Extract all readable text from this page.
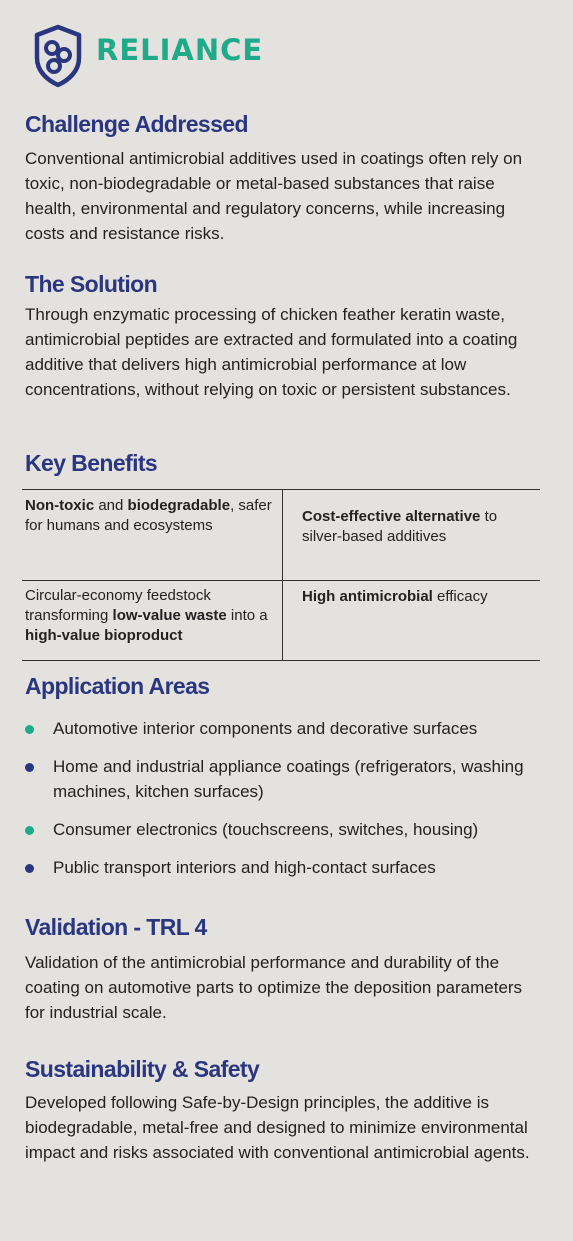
RELIANCE
Challenge Addressed

Conventional antimicrobial additives used in coatings often rely on toxic, non-biodegradable or metal-based substances that raise health, environmental and regulatory concerns, while increasing costs and resistance risks.

The Solution

Through enzymatic processing of chicken feather keratin waste, antimicrobial peptides are extracted and formulated into a coating additive that delivers high antimicrobial performance at low concentrations, without relying on toxic or persistent substances.

Key Benefits
Non-toxic and biodegradable, safer for humans and ecosystems	Cost-effective alternative to silver-based additives

Circular-economy feedstock transforming low-value waste into a high-value bioproduct	High antimicrobial efficacy
Application Areas
Automotive interior components and decorative surfaces
Home and industrial appliance coatings (refrigerators, washing machines, kitchen surfaces)
Consumer electronics (touchscreens, switches, housing)
Public transport interiors and high-contact surfaces
Validation - TRL 4

Validation of the antimicrobial performance and durability of the coating on automotive parts to optimize the deposition parameters for industrial scale.

Sustainability & Safety

Developed following Safe-by-Design principles, the additive is biodegradable, metal-free and designed to minimize environmental impact and risks associated with conventional antimicrobial agents.
